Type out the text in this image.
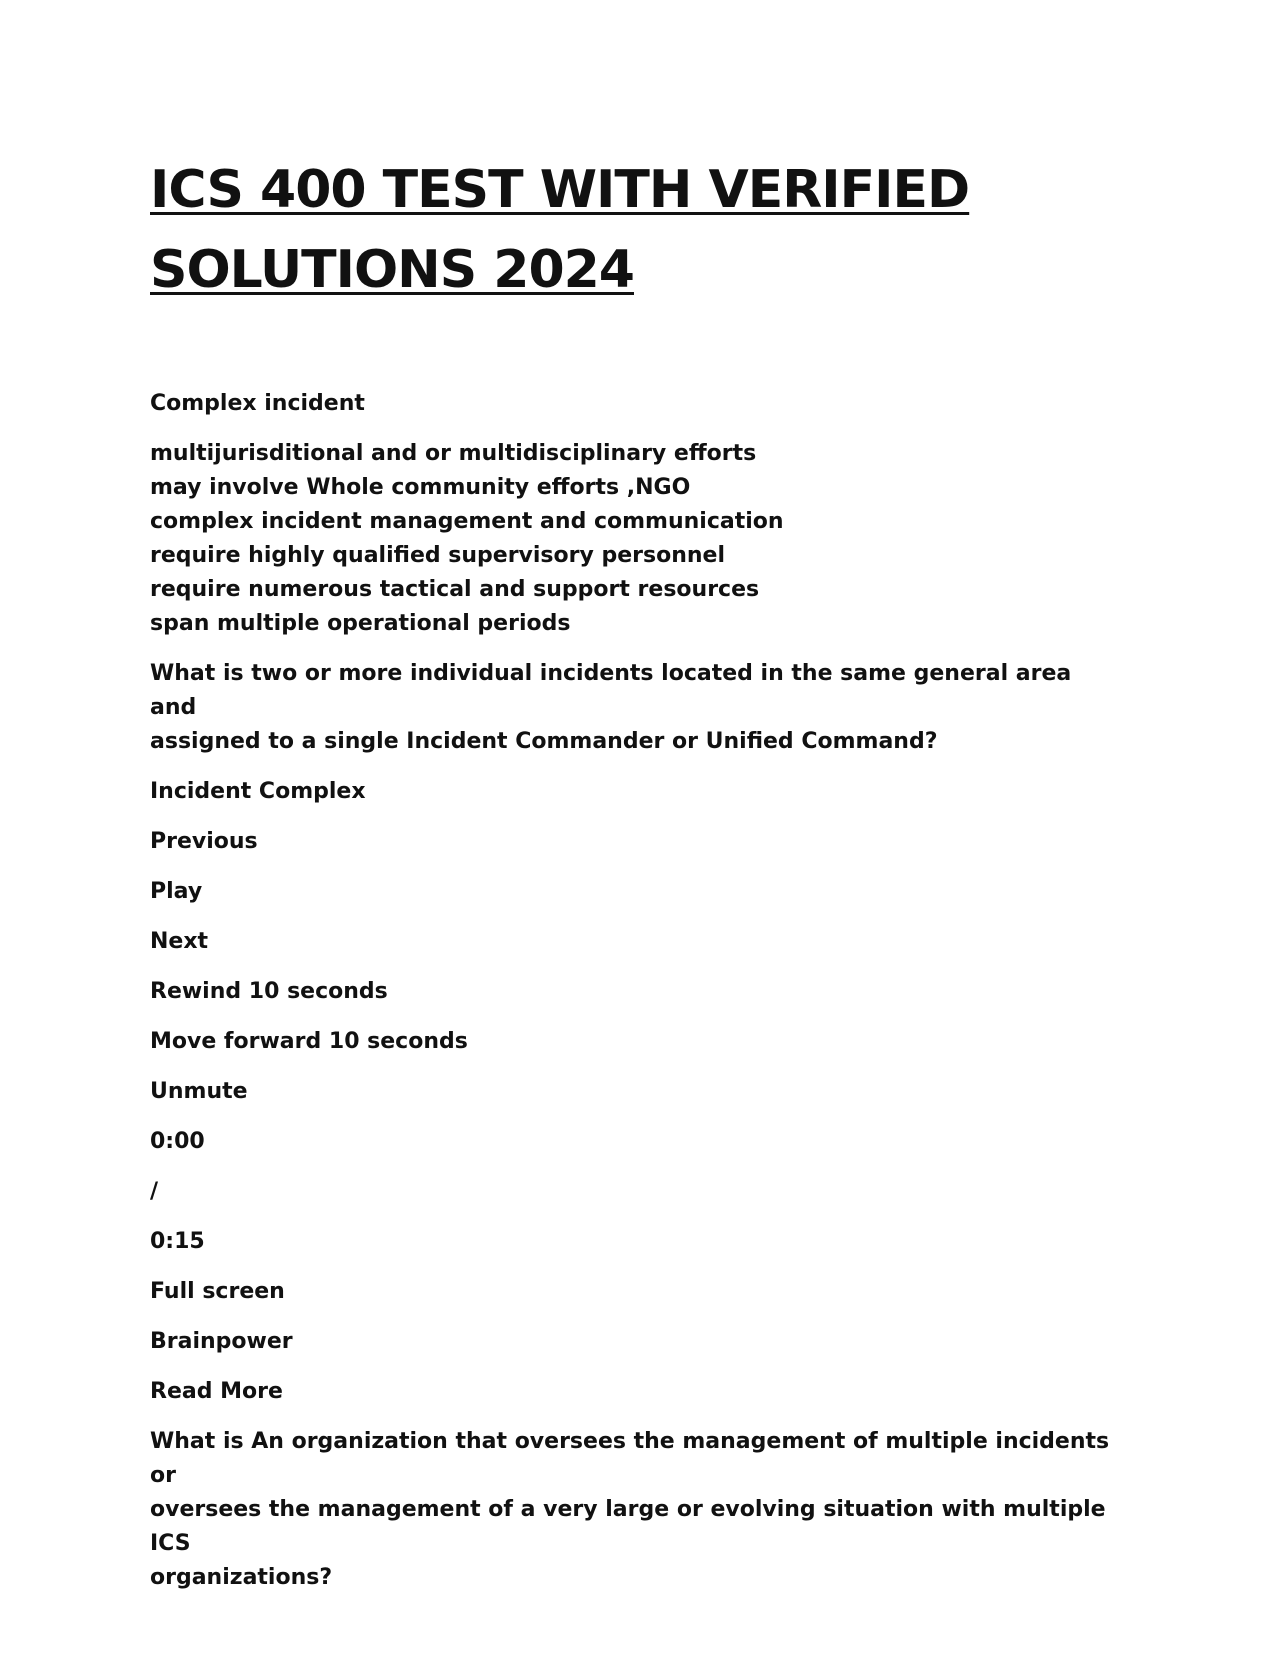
ICS 400 TEST WITH VERIFIED
SOLUTIONS 2024

Complex incident

multijurisditional and or multidisciplinary efforts
may involve Whole community efforts ,NGO
complex incident management and communication
require highly qualified supervisory personnel
require numerous tactical and support resources
span multiple operational periods

What is two or more individual incidents located in the same general area and
assigned to a single Incident Commander or Unified Command?

Incident Complex

Previous

Play

Next

Rewind 10 seconds

Move forward 10 seconds

Unmute

0:00

/

0:15

Full screen

Brainpower

Read More

What is An organization that oversees the management of multiple incidents or
oversees the management of a very large or evolving situation with multiple ICS
organizations?
